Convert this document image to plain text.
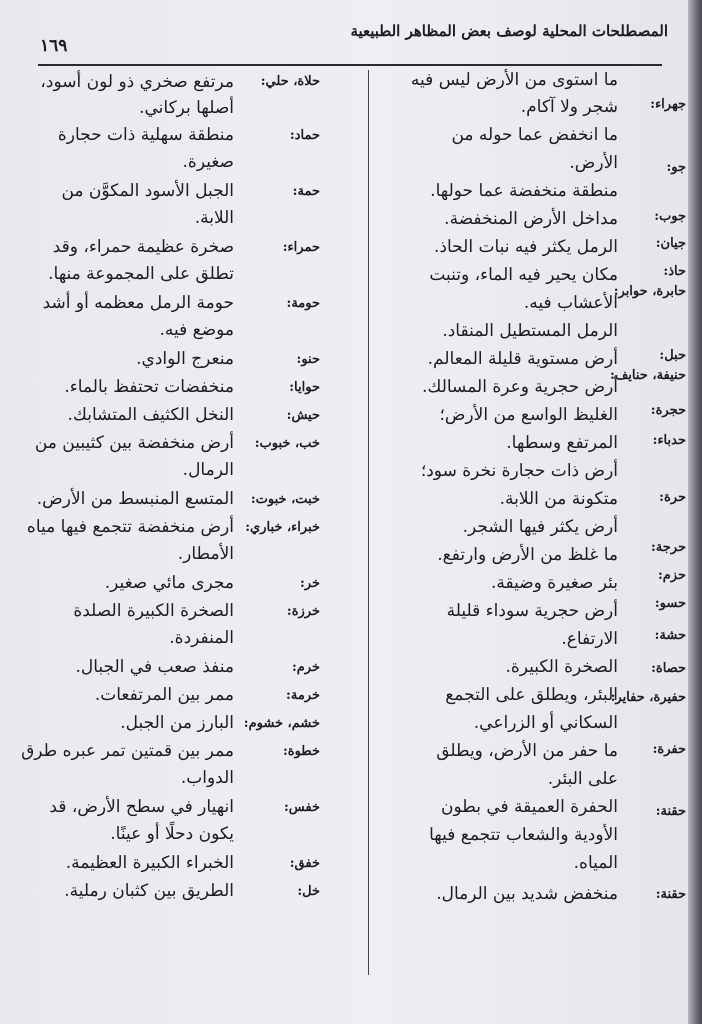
المصطلحات المحلية لوصف بعض المظاهر الطبيعية
١٦٩
ما استوى من الأرض ليس فيه
شجر ولا آكام. جهراء:
ما انخفض عما حوله من
الأرض.	جو:
منطقة منخفضة عما حولها.
جوب:
مداخل الأرض المنخفضة.
جيان:
الرمل يكثر فيه نبات الحاذ.
حاذ:
مكان يحير فيه الماء، وتنبت
حابرة، حوابر:
الأعشاب فيه.
الرمل المستطيل المنقاد.
حبل:
أرض مستوية قليلة المعالم.
حنيفة، حنايف:
أرض حجرية وعرة المسالك.
حجرة:
الغليظ الواسع من الأرض؛
حدباء:
المرتفع وسطها.
أرض ذات حجارة نخرة سود؛
حرة:
متكونة من اللابة.
أرض يكثر فيها الشجر.
حرجة:
حزم:
ما غلظ من الأرض وارتفع.
حسو:
بئر صغيرة وضيقة.
حشة:
أرض حجرية سوداء قليلة
الارتفاع.
حصاة:
الصخرة الكبيرة.
حفيرة، حفاير:
البئر، ويطلق على التجمع
السكاني أو الزراعي.
حفرة:
ما حفر من الأرض، ويطلق
على البئر.
حقنة:
الحفرة العميقة في بطون
الأودية والشعاب تتجمع فيها
المياه.
حقنة:
منخفض شديد بين الرمال.
حلاة، حلي:
مرتفع صخري ذو لون أسود،
أصلها بركاني.
حماد:
منطقة سهلية ذات حجارة
صغيرة.
حمة:
الجبل الأسود المكوَّن من
اللابة.
حمراء:
صخرة عظيمة حمراء، وقد
تطلق على المجموعة منها.
حومة:
حومة الرمل معظمه أو أشد
موضع فيه.
حنو:
منعرج الوادي.
حوايا:
منخفضات تحتفظ بالماء.
حيش:
النخل الكثيف المتشابك.
خب، خبوب:
أرض منخفضة بين كثيبين من
الرمال.
خبت، خبوت:
المتسع المنبسط من الأرض.
خبراء، خباري:
أرض منخفضة تتجمع فيها مياه
الأمطار.
خر:
مجرى مائي صغير.
خرزة:
الصخرة الكبيرة الصلدة
المنفردة.
خرم:
منفذ صعب في الجبال.
خرمة:
ممر بين المرتفعات.
خشم، خشوم:
البارز من الجبل.
خطوة:
ممر بين قمتين تمر عبره طرق
الدواب.
خفس:
انهيار في سطح الأرض، قد
يكون دحلًا أو عينًا.
خفق:
الخبراء الكبيرة العظيمة.
خل:
الطريق بين كثبان رملية.
